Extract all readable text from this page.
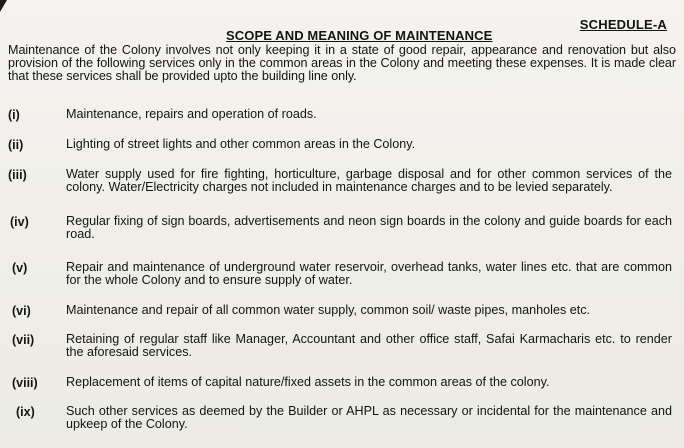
SCHEDULE-A
SCOPE AND MEANING OF MAINTENANCE
Maintenance of the Colony involves not only keeping it in a state of good repair, appearance and renovation but also provision of the following services only in the common areas in the Colony and meeting these expenses. It is made clear that these services shall be provided upto the building line only.
(i)	Maintenance, repairs and operation of roads.
(ii)	Lighting of street lights and other common areas in the Colony.
(iii)	Water supply used for fire fighting, horticulture, garbage disposal and for other common services of the colony. Water/Electricity charges not included in maintenance charges and to be levied separately.
(iv)	Regular fixing of sign boards, advertisements and neon sign boards in the colony and guide boards for each road.
(v)	Repair and maintenance of underground water reservoir, overhead tanks, water lines etc. that are common for the whole Colony and to ensure supply of water.
(vi)	Maintenance and repair of all common water supply, common soil/ waste pipes, manholes etc.
(vii)	Retaining of regular staff like Manager, Accountant and other office staff, Safai Karmacharis etc. to render the aforesaid services.
(viii)	Replacement of items of capital nature/fixed assets in the common areas of the colony.
(ix)	Such other services as deemed by the Builder or AHPL as necessary or incidental for the maintenance and upkeep of the Colony.
